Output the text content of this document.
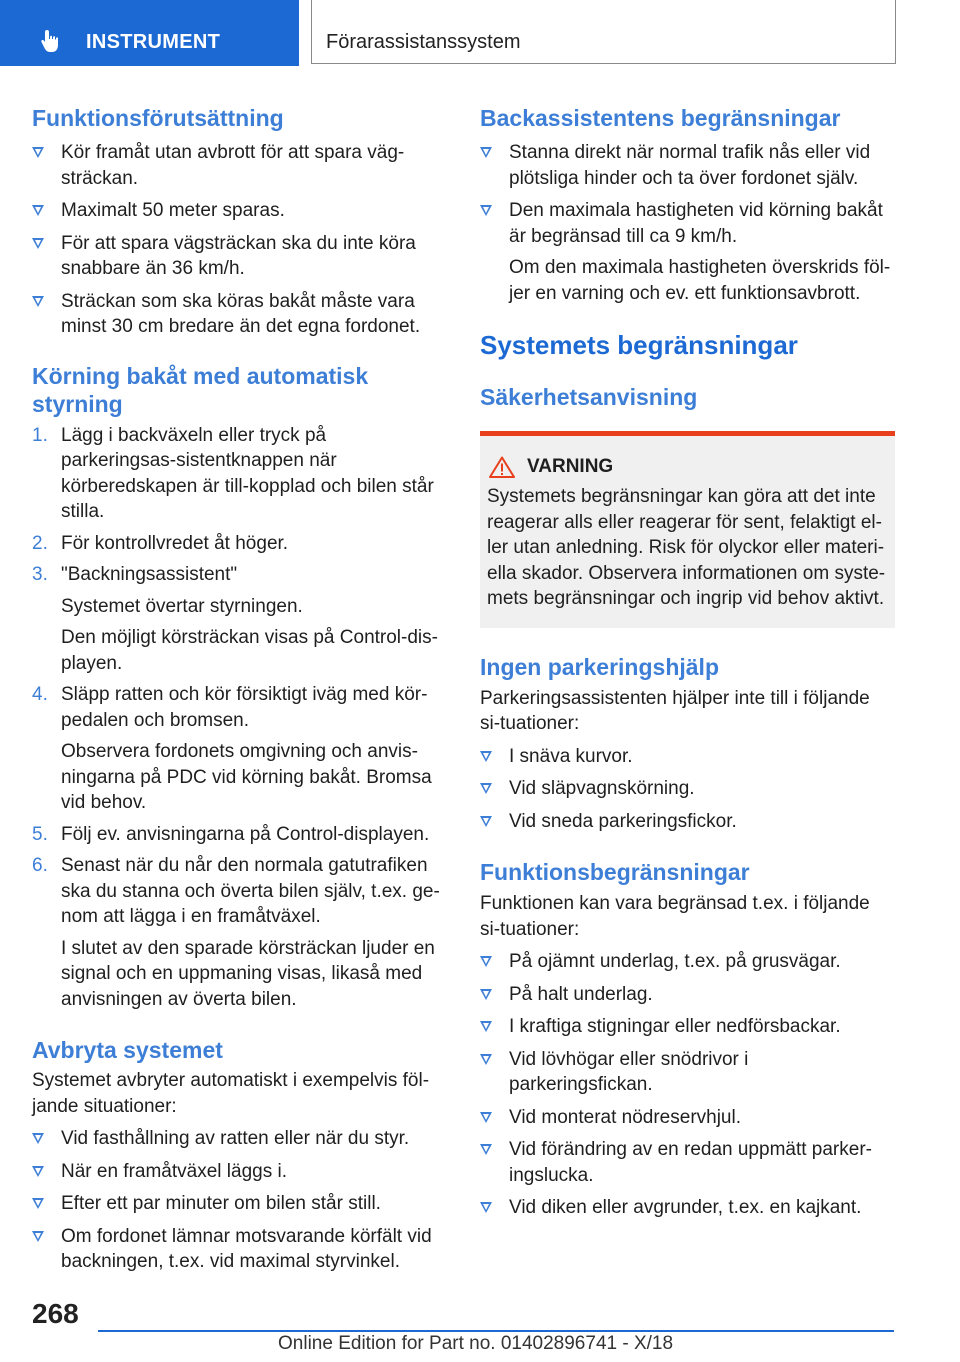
INSTRUMENT	Förarassistanssystem
Funktionsförutsättning
Kör framåt utan avbrott för att spara väg-sträckan.
Maximalt 50 meter sparas.
För att spara vägsträckan ska du inte köra snabbare än 36 km/h.
Sträckan som ska köras bakåt måste vara minst 30 cm bredare än det egna fordonet.
Körning bakåt med automatisk styrning
1. Lägg i backväxeln eller tryck på parkeringsas-sistentknappen när körberedskapen är till-kopplad och bilen står stilla.
2. För kontrollvredet åt höger.
3. "Backningsassistent"
Systemet övertar styrningen.
Den möjligt körsträckan visas på Control-dis-playen.
4. Släpp ratten och kör försiktigt iväg med kör-pedalen och bromsen.
Observera fordonets omgivning och anvis-ningarna på PDC vid körning bakåt. Bromsa vid behov.
5. Följ ev. anvisningarna på Control-displayen.
6. Senast när du når den normala gatutrafiken ska du stanna och överta bilen själv, t.ex. ge-nom att lägga i en framåtväxel.
I slutet av den sparade körsträckan ljuder en signal och en uppmaning visas, likaså med anvisningen av överta bilen.
Avbryta systemet

Systemet avbryter automatiskt i exempelvis föl-jande situationer:

Vid fasthållning av ratten eller när du styr.
När en framåtväxel läggs i.
Efter ett par minuter om bilen står still.
Om fordonet lämnar motsvarande körfält vid backningen, t.ex. vid maximal styrvinkel.
Backassistentens begränsningar
Stanna direkt när normal trafik nås eller vid plötsliga hinder och ta över fordonet själv.
Den maximala hastigheten vid körning bakåt är begränsad till ca 9 km/h.
Om den maximala hastigheten överskrids föl-jer en varning och ev. ett funktionsavbrott.
Systemets begränsningar
Säkerhetsanvisning
VARNING

Systemets begränsningar kan göra att det inte reagerar alls eller reagerar för sent, felaktigt el-ler utan anledning. Risk för olyckor eller materi-ella skador. Observera informationen om syste-mets begränsningar och ingrip vid behov aktivt.

Ingen parkeringshjälp

Parkeringsassistenten hjälper inte till i följande si-tuationer:

I snäva kurvor.
Vid släpvagnskörning.
Vid sneda parkeringsfickor.
Funktionsbegränsningar

Funktionen kan vara begränsad t.ex. i följande si-tuationer:

På ojämnt underlag, t.ex. på grusvägar.
På halt underlag.
I kraftiga stigningar eller nedförsbackar.
Vid lövhögar eller snödrivor i parkeringsfickan.
Vid monterat nödreservhjul.
Vid förändring av en redan uppmätt parker-ingslucka.
Vid diken eller avgrunder, t.ex. en kajkant.
268
Online Edition for Part no. 01402896741 - X/18
